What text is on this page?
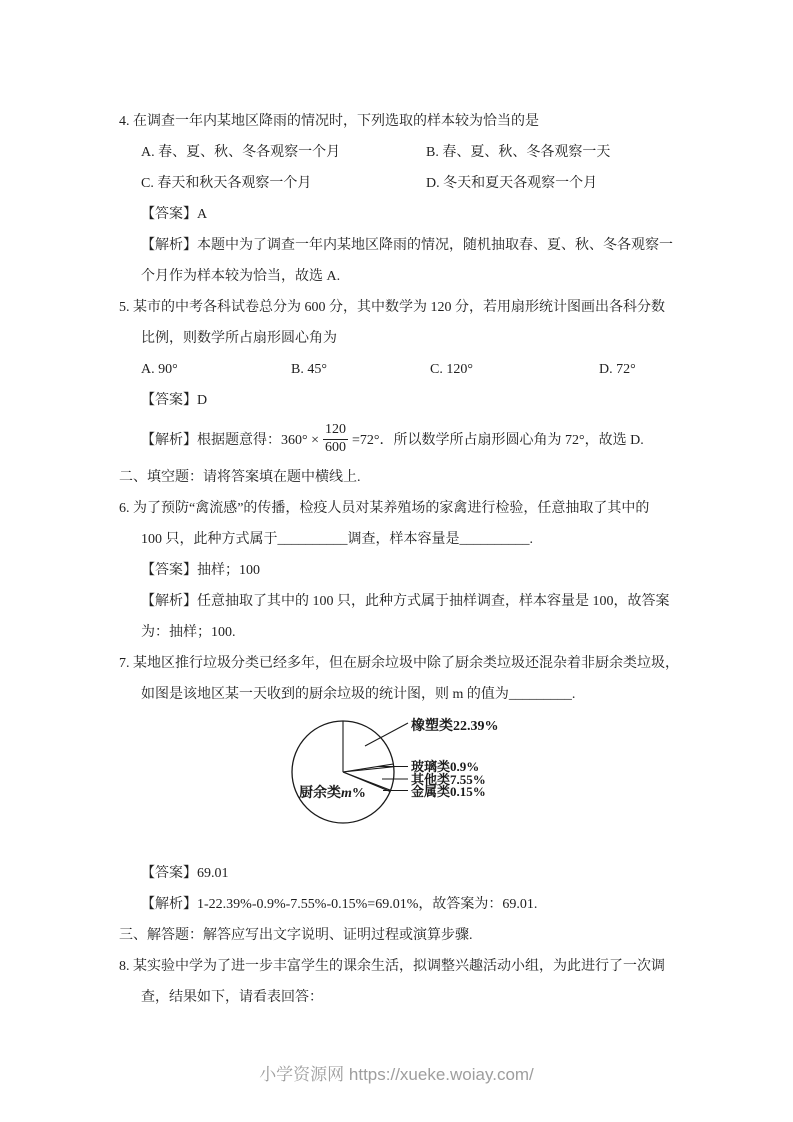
4. 在调查一年内某地区降雨的情况时，下列选取的样本较为恰当的是
A. 春、夏、秋、冬各观察一个月	B. 春、夏、秋、冬各观察一天
C. 春天和秋天各观察一个月	D. 冬天和夏天各观察一个月
【答案】A
【解析】本题中为了调查一年内某地区降雨的情况，随机抽取春、夏、秋、冬各观察一
个月作为样本较为恰当，故选 A.
5. 某市的中考各科试卷总分为 600 分，其中数学为 120 分，若用扇形统计图画出各科分数
比例，则数学所占扇形圆心角为
A. 90°	B. 45°	C. 120°	D. 72°
【答案】D
【解析】根据题意得：$360^\circ \times \frac{120}{600} =72^\circ$．所以数学所占扇形圆心角为 72°，故选 D.
二、填空题：请将答案填在题中横线上.
6. 为了预防“禽流感”的传播，检疫人员对某养殖场的家禽进行检验，任意抽取了其中的
100 只，此种方式属于__________调查，样本容量是__________.
【答案】抽样；100
【解析】任意抽取了其中的 100 只，此种方式属于抽样调查，样本容量是 100，故答案
为：抽样；100.
7. 某地区推行垃圾分类已经多年，但在厨余垃圾中除了厨余类垃圾还混杂着非厨余类垃圾，
如图是该地区某一天收到的厨余垃圾的统计图，则 m 的值为_________.
橡塑类22.39%
玻璃类0.9%
其他类7.55%
金属类0.15%
厨余类m%
【答案】69.01
【解析】1-22.39%-0.9%-7.55%-0.15%=69.01%，故答案为：69.01.
三、解答题：解答应写出文字说明、证明过程或演算步骤.
8. 某实验中学为了进一步丰富学生的课余生活，拟调整兴趣活动小组，为此进行了一次调
查，结果如下，请看表回答：
小学资源网 https://xueke.woiay.com/
